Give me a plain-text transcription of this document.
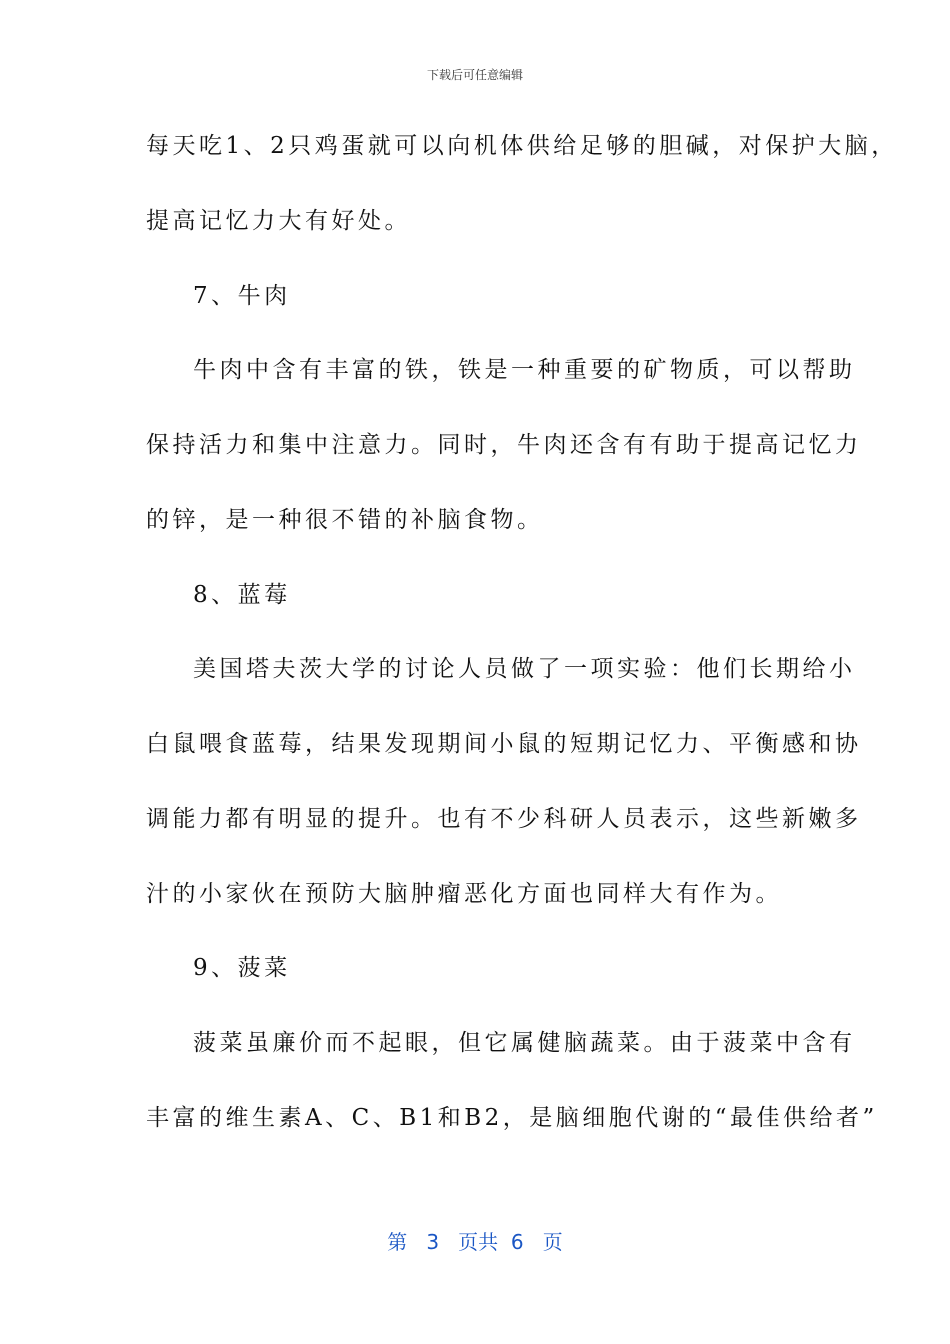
下载后可任意编辑
每天吃1、2只鸡蛋就可以向机体供给足够的胆碱，对保护大脑，
提高记忆力大有好处。
7、牛肉
牛肉中含有丰富的铁，铁是一种重要的矿物质，可以帮助
保持活力和集中注意力。同时，牛肉还含有有助于提高记忆力
的锌，是一种很不错的补脑食物。
8、蓝莓
美国塔夫茨大学的讨论人员做了一项实验：他们长期给小
白鼠喂食蓝莓，结果发现期间小鼠的短期记忆力、平衡感和协
调能力都有明显的提升。也有不少科研人员表示，这些新嫩多
汁的小家伙在预防大脑肿瘤恶化方面也同样大有作为。
9、菠菜
菠菜虽廉价而不起眼，但它属健脑蔬菜。由于菠菜中含有
丰富的维生素A、C、B1和B2，是脑细胞代谢的“最佳供给者”
第 3 页共 6 页
